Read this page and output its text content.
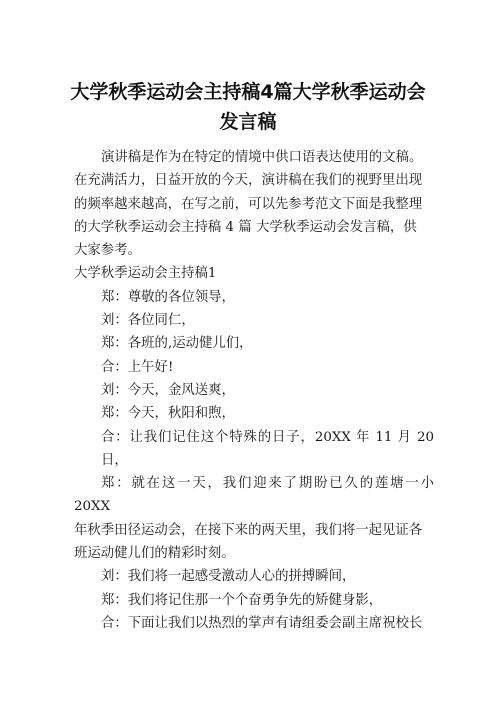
大学秋季运动会主持稿4篇大学秋季运动会
发言稿

演讲稿是作为在特定的情境中供口语表达使用的文稿。

在充满活力，日益开放的今天，演讲稿在我们的视野里出现

的频率越来越高，在写之前，可以先参考范文下面是我整理

的大学秋季运动会主持稿 4 篇 大学秋季运动会发言稿，供

大家参考。

大学秋季运动会主持稿1

郑：尊敬的各位领导，

刘：各位同仁，

郑：各班的,运动健儿们，

合：上午好!

刘：今天，金风送爽，

郑：今天，秋阳和煦，

合：让我们记住这个特殊的日子，20XX 年 11 月 20 日，

郑：就在这一天，我们迎来了期盼已久的莲塘一小 20XX

年秋季田径运动会，在接下来的两天里，我们将一起见证各

班运动健儿们的精彩时刻。

刘：我们将一起感受激动人心的拼搏瞬间，

郑：我们将记住那一个个奋勇争先的矫健身影，

合：下面让我们以热烈的掌声有请组委会副主席祝校长
